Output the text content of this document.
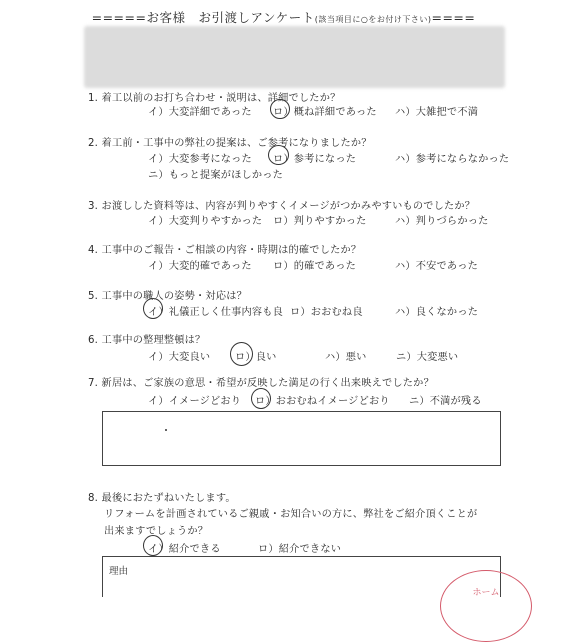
=====お客様　お引渡しアンケート(該当項目に○をお付け下さい)====
1. 着工以前のお打ち合わせ・説明は、詳細でしたか？
イ）大変詳細であった ロ）概ね詳細であった ハ）大雑把で不満
2. 着工前・工事中の弊社の提案は、ご参考になりましたか？
イ）大変参考になった ロ）参考になった	ハ）参考にならなかった
ニ）もっと提案がほしかった
3. お渡しした資料等は、内容が判りやすくイメージがつかみやすいものでしたか？
イ）大変判りやすかった ロ）判りやすかった	ハ）判りづらかった
4. 工事中のご報告・ご相談の内容・時期は的確でしたか？
イ）大変的確であった ロ）的確であった	ハ）不安であった
5. 工事中の職人の姿勢・対応は？
イ）礼儀正しく仕事内容も良 ロ）おおむね良	ハ）良くなかった
6. 工事中の整理整頓は？
イ）大変良い ロ）良い	ハ）悪い	ニ）大変悪い
7. 新居は、ご家族の意思・希望が反映した満足の行く出来映えでしたか？
イ）イメージどおり ロ）おおむねイメージどおり ニ）不満が残る
8. 最後におたずねいたします。
リフォームを計画されているご親戚・お知合いの方に、弊社をご紹介頂くことが
出来ますでしょうか？
イ）紹介できる	ロ）紹介できない
理由
ホーム
